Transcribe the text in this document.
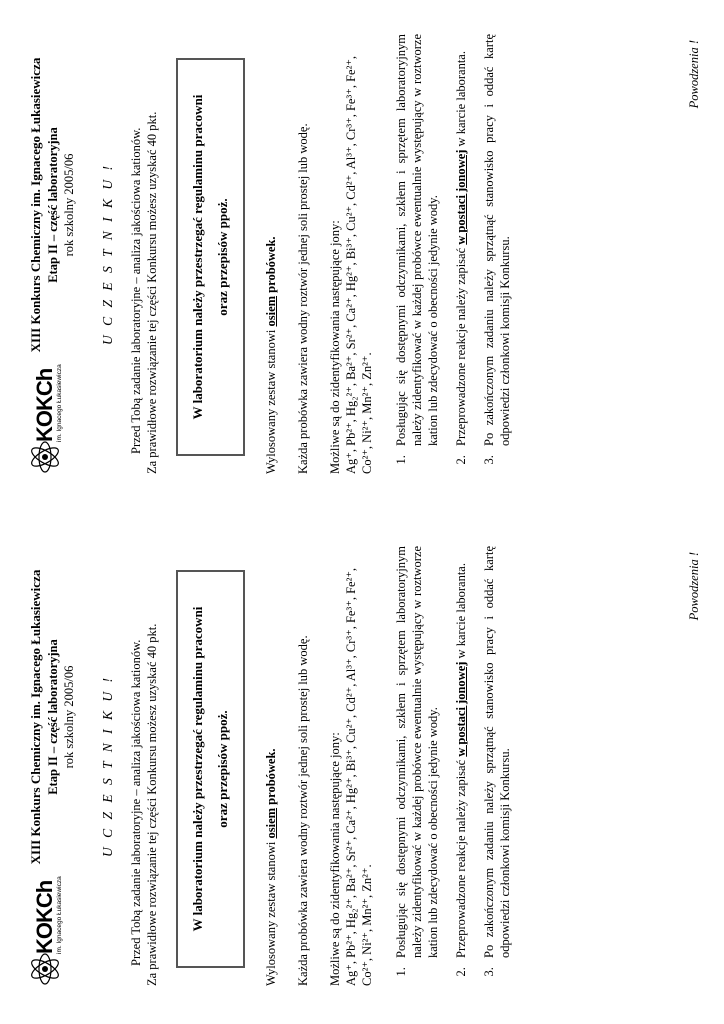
KOKCh im. Ignacego Łukasiewicza
XIII Konkurs Chemiczny im. Ignacego Łukasiewicza Etap II – część laboratoryjna rok szkolny 2005/06 U C Z E S T N I K U ! Przed Tobą zadanie laboratoryjne – analiza jakościowa kationów. Za prawidłowe rozwiązanie tej części Konkursu możesz uzyskać 40 pkt.	W laboratorium należy przestrzegać regulaminu pracowni oraz przepisów ppoż.

Wylosowany zestaw stanowi osiem probówek. Każda probówka zawiera wodny roztwór jednej soli prostej lub wodę. Możliwe są do zidentyfikowania następujące jony: Ag⁺, Pb²⁺, Hg₂²⁺, Ba²⁺, Sr²⁺, Ca²⁺, Hg²⁺, Bi³⁺, Cu²⁺, Cd²⁺, Al³⁺, Cr³⁺, Fe³⁺, Fe²⁺, Co²⁺, Ni²⁺, Mn²⁺, Zn²⁺. 1. Posługując się dostępnymi odczynnikami, szkłem i sprzętem laboratoryjnym należy zidentyfikować w każdej probówce ewentualnie występujący w roztworze kation lub zdecydować o obecności jedynie wody. 2. Przeprowadzone reakcje należy zapisać w postaci jonowej w karcie laboranta. 3. Po zakończonym zadaniu należy sprzątnąć stanowisko pracy i oddać kartę odpowiedzi członkowi komisji Konkursu.
Powodzenia !
KOKCh im. Ignacego Łukasiewicza
XIII Konkurs Chemiczny im. Ignacego Łukasiewicza Etap II – część laboratoryjna rok szkolny 2005/06 U C Z E S T N I K U ! Przed Tobą zadanie laboratoryjne – analiza jakościowa kationów. Za prawidłowe rozwiązanie tej części Konkursu możesz uzyskać 40 pkt.	W laboratorium należy przestrzegać regulaminu pracowni oraz przepisów ppoż.

Wylosowany zestaw stanowi osiem probówek. Każda probówka zawiera wodny roztwór jednej soli prostej lub wodę. Możliwe są do zidentyfikowania następujące jony: Ag⁺, Pb²⁺, Hg₂²⁺, Ba²⁺, Sr²⁺, Ca²⁺, Hg²⁺, Bi³⁺, Cu²⁺, Cd²⁺, Al³⁺, Cr³⁺, Fe³⁺, Fe²⁺, Co²⁺, Ni²⁺, Mn²⁺, Zn²⁺. 1. Posługując się dostępnymi odczynnikami, szkłem i sprzętem laboratoryjnym należy zidentyfikować w każdej probówce ewentualnie występujący w roztworze kation lub zdecydować o obecności jedynie wody. 2. Przeprowadzone reakcje należy zapisać w postaci jonowej w karcie laboranta. 3. Po zakończonym zadaniu należy sprzątnąć stanowisko pracy i oddać kartę odpowiedzi członkowi komisji Konkursu.
Powodzenia !
